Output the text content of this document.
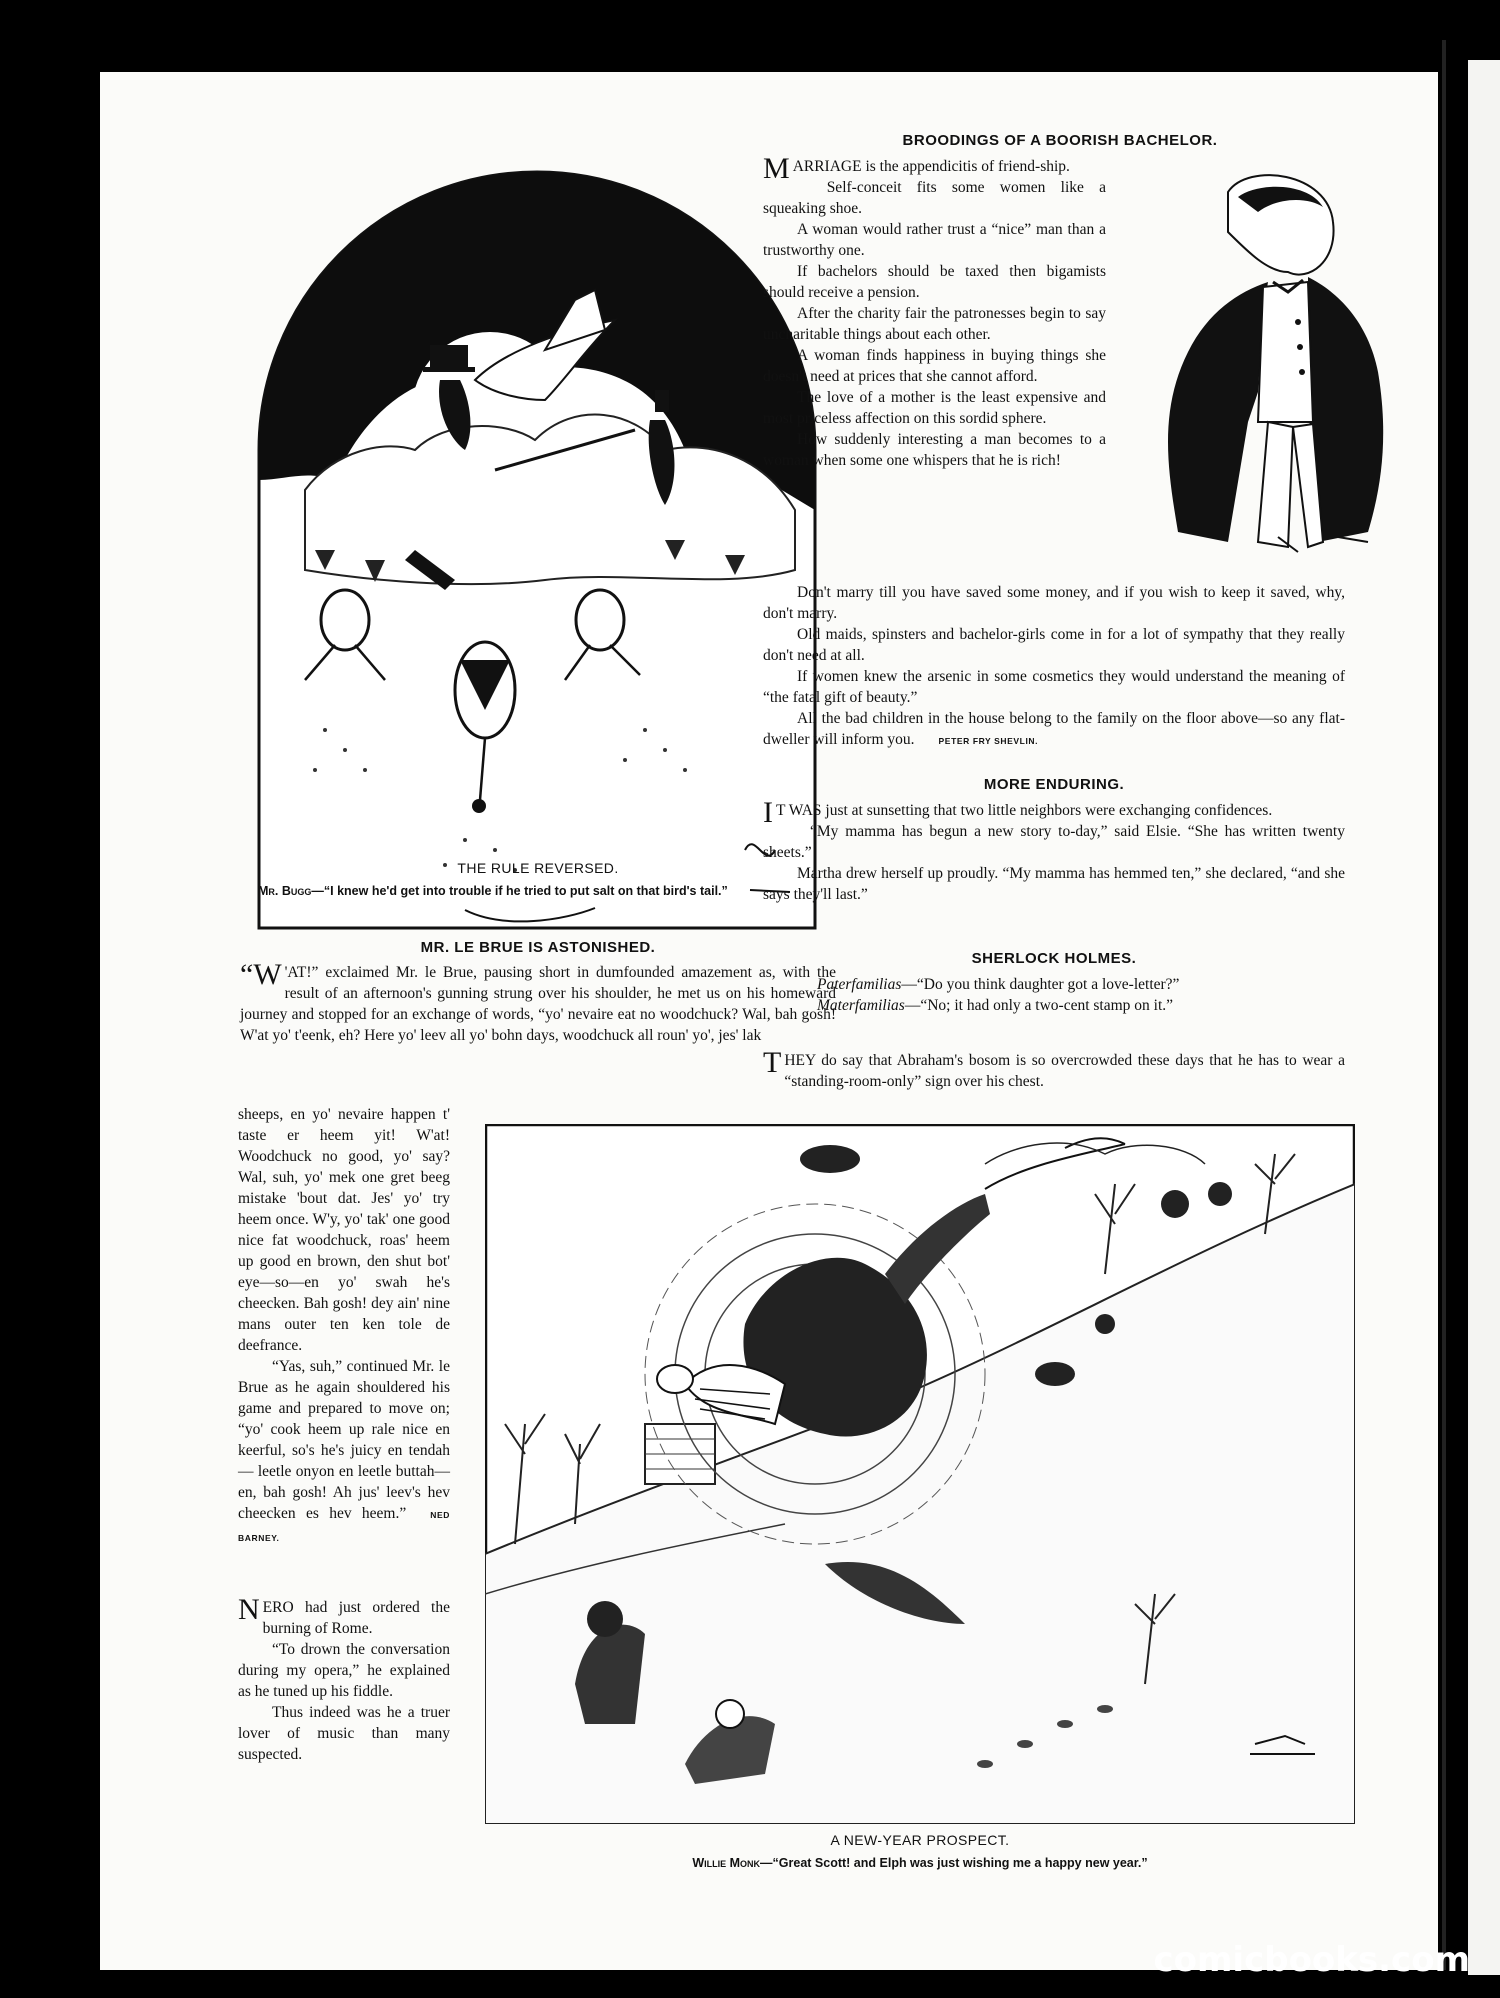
THE RULE REVERSED.
Mr. Bugg—“I knew he'd get into trouble if he tried to put salt on that bird's tail.”
MR. LE BRUE IS ASTONISHED.

“W 'AT!” exclaimed Mr. le Brue, pausing short in dumfounded amazement as, with the result of an afternoon's gunning strung over his shoulder, he met us on his homeward journey and stopped for an exchange of words, “yo' nevaire eat no woodchuck? Wal, bah gosh! W'at yo' t'eenk, eh? Here yo' leev all yo' bohn days, woodchuck all roun' yo', jes' lak

sheeps, en yo' nevaire happen t' taste er heem yit! W'at! Woodchuck no good, yo' say? Wal, suh, yo' mek one gret beeg mistake 'bout dat. Jes' yo' try heem once. W'y, yo' tak' one good nice fat woodchuck, roas' heem up good en brown, den shut bot' eye—so—en yo' swah he's cheecken. Bah gosh! dey ain' nine mans outer ten ken tole de deefrance.

“Yas, suh,” continued Mr. le Brue as he again shouldered his game and prepared to move on; “yo' cook heem up rale nice en keerful, so's he's juicy en tendah — leetle onyon en leetle buttah—en, bah gosh! Ah jus' leev's hev cheecken es hev heem.”	NED BARNEY.

NERO had just ordered the burning of Rome.

“To drown the conversation during my opera,” he explained as he tuned up his fiddle.

Thus indeed was he a truer lover of music than many suspected.

BROODINGS OF A BOORISH BACHELOR.

MARRIAGE is the appendicitis of friend-ship.

Self-conceit fits some women like a squeaking shoe.

A woman would rather trust a “nice” man than a trustworthy one.

If bachelors should be taxed then bigamists should receive a pension.

After the charity fair the patronesses begin to say uncharitable things about each other.

A woman finds happiness in buying things she doesn't need at prices that she cannot afford.

The love of a mother is the least expensive and most priceless affection on this sordid sphere.

How suddenly interesting a man becomes to a woman when some one whispers that he is rich!

Don't marry till you have saved some money, and if you wish to keep it saved, why, don't marry.

Old maids, spinsters and bachelor-girls come in for a lot of sympathy that they really don't need at all.

If women knew the arsenic in some cosmetics they would understand the meaning of “the fatal gift of beauty.”

All the bad children in the house belong to the family on the floor above—so any flat-dweller will inform you.	PETER FRY SHEVLIN.

MORE ENDURING.

I T WAS just at sunsetting that two little neighbors were exchanging confidences.

“My mamma has begun a new story to-day,” said Elsie. “She has written twenty sheets.”

Martha drew herself up proudly. “My mamma has hemmed ten,” she declared, “and she says they'll last.”

SHERLOCK HOLMES.
Paterfamilias—“Do you think daughter got a love-letter?”
Materfamilias—“No; it had only a two-cent stamp on it.”

THEY do say that Abraham's bosom is so overcrowded these days that he has to wear a “standing-room-only” sign over his chest.

A NEW-YEAR PROSPECT.
Willie Monk—“Great Scott! and Elph was just wishing me a happy new year.”
comicbooks.com
